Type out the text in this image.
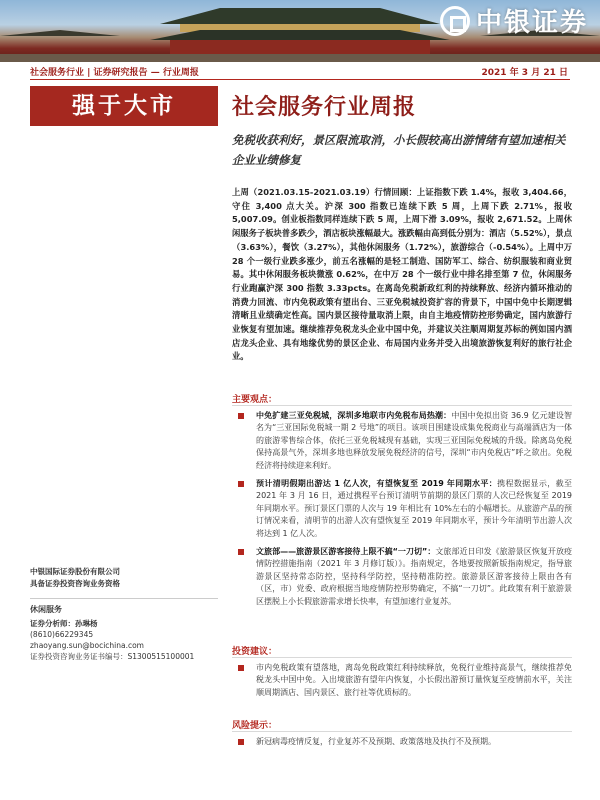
中银证券
社会服务行业 | 证券研究报告 — 行业周报	2021 年 3 月 21 日
强于大市
中银国际证券股份有限公司
具备证券投资咨询业务资格
休闲服务
证券分析师：孙琳杨
(8610)66229345
zhaoyang.sun@bocichina.com
证券投资咨询业务证书编号：S1300515100001
社会服务行业周报
免税收获利好，景区限流取消，小长假较高出游情绪有望加速相关企业业绩修复
上周（2021.03.15-2021.03.19）行情回顾：上证指数下跌 1.4%，报收 3,404.66，守住 3,400 点大关。沪深 300 指数已连续下跌 5 周，上周下跌 2.71%，报收 5,007.09。创业板指数同样连续下跌 5 周，上周下滑 3.09%，报收 2,671.52。上周休闲服务子板块普多跌少，酒店板块涨幅最大。涨跌幅由高到低分别为：酒店（5.52%），景点（3.63%），餐饮（3.27%），其他休闲服务（1.72%），旅游综合（-0.54%）。上周中万 28 个一级行业跌多涨少，前五名涨幅的是轻工制造、国防军工、综合、纺织服装和商业贸易。其中休闲服务板块微涨 0.62%，在中万 28 个一级行业中排名排至第 7 位，休闲服务行业跑赢沪深 300 指数 3.33pcts。在离岛免税新政红利的持续释放、经济内循环推动的消费力回流、市内免税政策有望出台、三亚免税城投资扩容的背景下，中国中免中长期逻辑清晰且业绩确定性高。国内景区接待量取消上限，由自主地疫情防控形势确定，国内旅游行业恢复有望加速。继续推荐免税龙头企业中国中免，并建议关注顺周期复苏标的例如国内酒店龙头企业、具有地缘优势的景区企业、布局国内业务并受入出境旅游恢复利好的旅行社企业。
主要观点：
中免扩建三亚免税城，深圳多地联市内免税布局热潮：中国中免拟出资 36.9 亿元建设智名为“三亚国际免税城一期 2 号地”的项目。该项目围建设成集免税商业与高端酒店为一体的旅游零售综合体，依托三亚免税城现有基础，实现三亚国际免税城的升级。除离岛免税保持高景气外，深圳多地也释放发展免税经济的信号，深圳“市内免税店”呼之欲出。免税经济将持续迎来利好。
预计清明假期出游达 1 亿人次，有望恢复至 2019 年同期水平：携程数据显示，截至 2021 年 3 月 16 日，通过携程平台预订清明节前期的景区门票的人次已经恢复至 2019 年同期水平。预订景区门票的人次与 19 年相比有 10%左右的小幅增长。从旅游产品的预订情况来看，清明节的出游人次有望恢复至 2019 年同期水平，预计今年清明节出游人次将达到 1 亿人次。
文旅部——旅游景区游客接待上限不搞“一刀切”：文旅部近日印发《旅游景区恢复开放疫情防控措施指南（2021 年 3 月修订版）》。指南规定，各地要按照新版指南规定，指导旅游景区坚持常态防控，坚持科学防控，坚持精准防控。旅游景区游客接待上限由各有（区，市）党委、政府根据当地疫情防控形势确定，不搞“一刀切”。此政策有利于旅游景区摆脱上小长假旅游需求增长快率，有望加速行业复苏。
投资建议：
市内免税政策有望落地，离岛免税政策红利持续释放，免税行业维持高景气，继续推荐免税龙头中国中免。入出境旅游有望年内恢复，小长假出游预订量恢复至疫情前水平，关注顺周期酒店、国内景区、旅行社等优质标的。
风险提示：
新冠病毒疫情反复，行业复苏不及预期、政策落地及执行不及预期。
